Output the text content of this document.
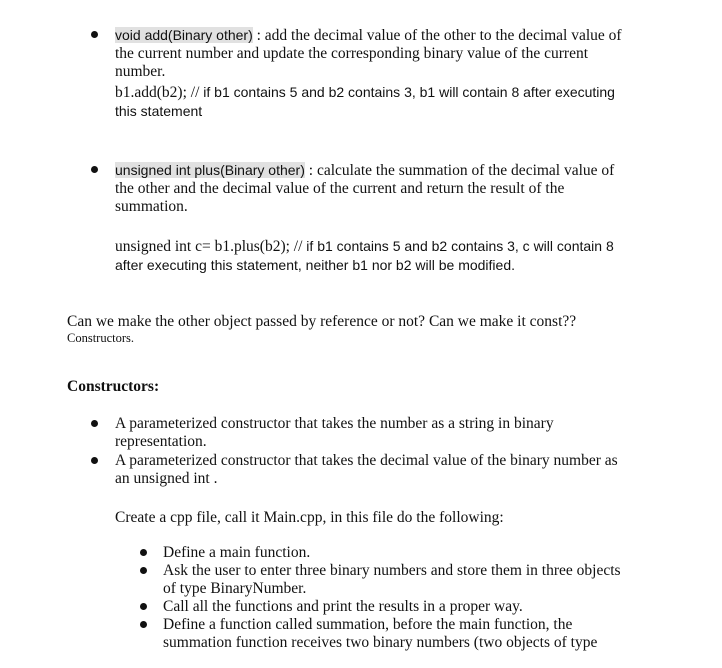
void add(Binary other) : add the decimal value of the other to the decimal value of
the current number and update the corresponding binary value of the current
number.
b1.add(b2); // if b1 contains 5 and b2 contains 3, b1 will contain 8 after executing
this statement
unsigned int plus(Binary other) : calculate the summation of the decimal value of
the other and the decimal value of the current and return the result of the
summation.
unsigned int c= b1.plus(b2); // if b1 contains 5 and b2 contains 3, c will contain 8
after executing this statement, neither b1 nor b2 will be modified.
Can we make the other object passed by reference or not? Can we make it const??
Constructors.
Constructors:
A parameterized constructor that takes the number as a string in binary
representation.
A parameterized constructor that takes the decimal value of the binary number as
an unsigned int .
Create a cpp file, call it Main.cpp, in this file do the following:
Define a main function.
Ask the user to enter three binary numbers and store them in three objects
of type BinaryNumber.
Call all the functions and print the results in a proper way.
Define a function called summation, before the main function, the
summation function receives two binary numbers (two objects of type
